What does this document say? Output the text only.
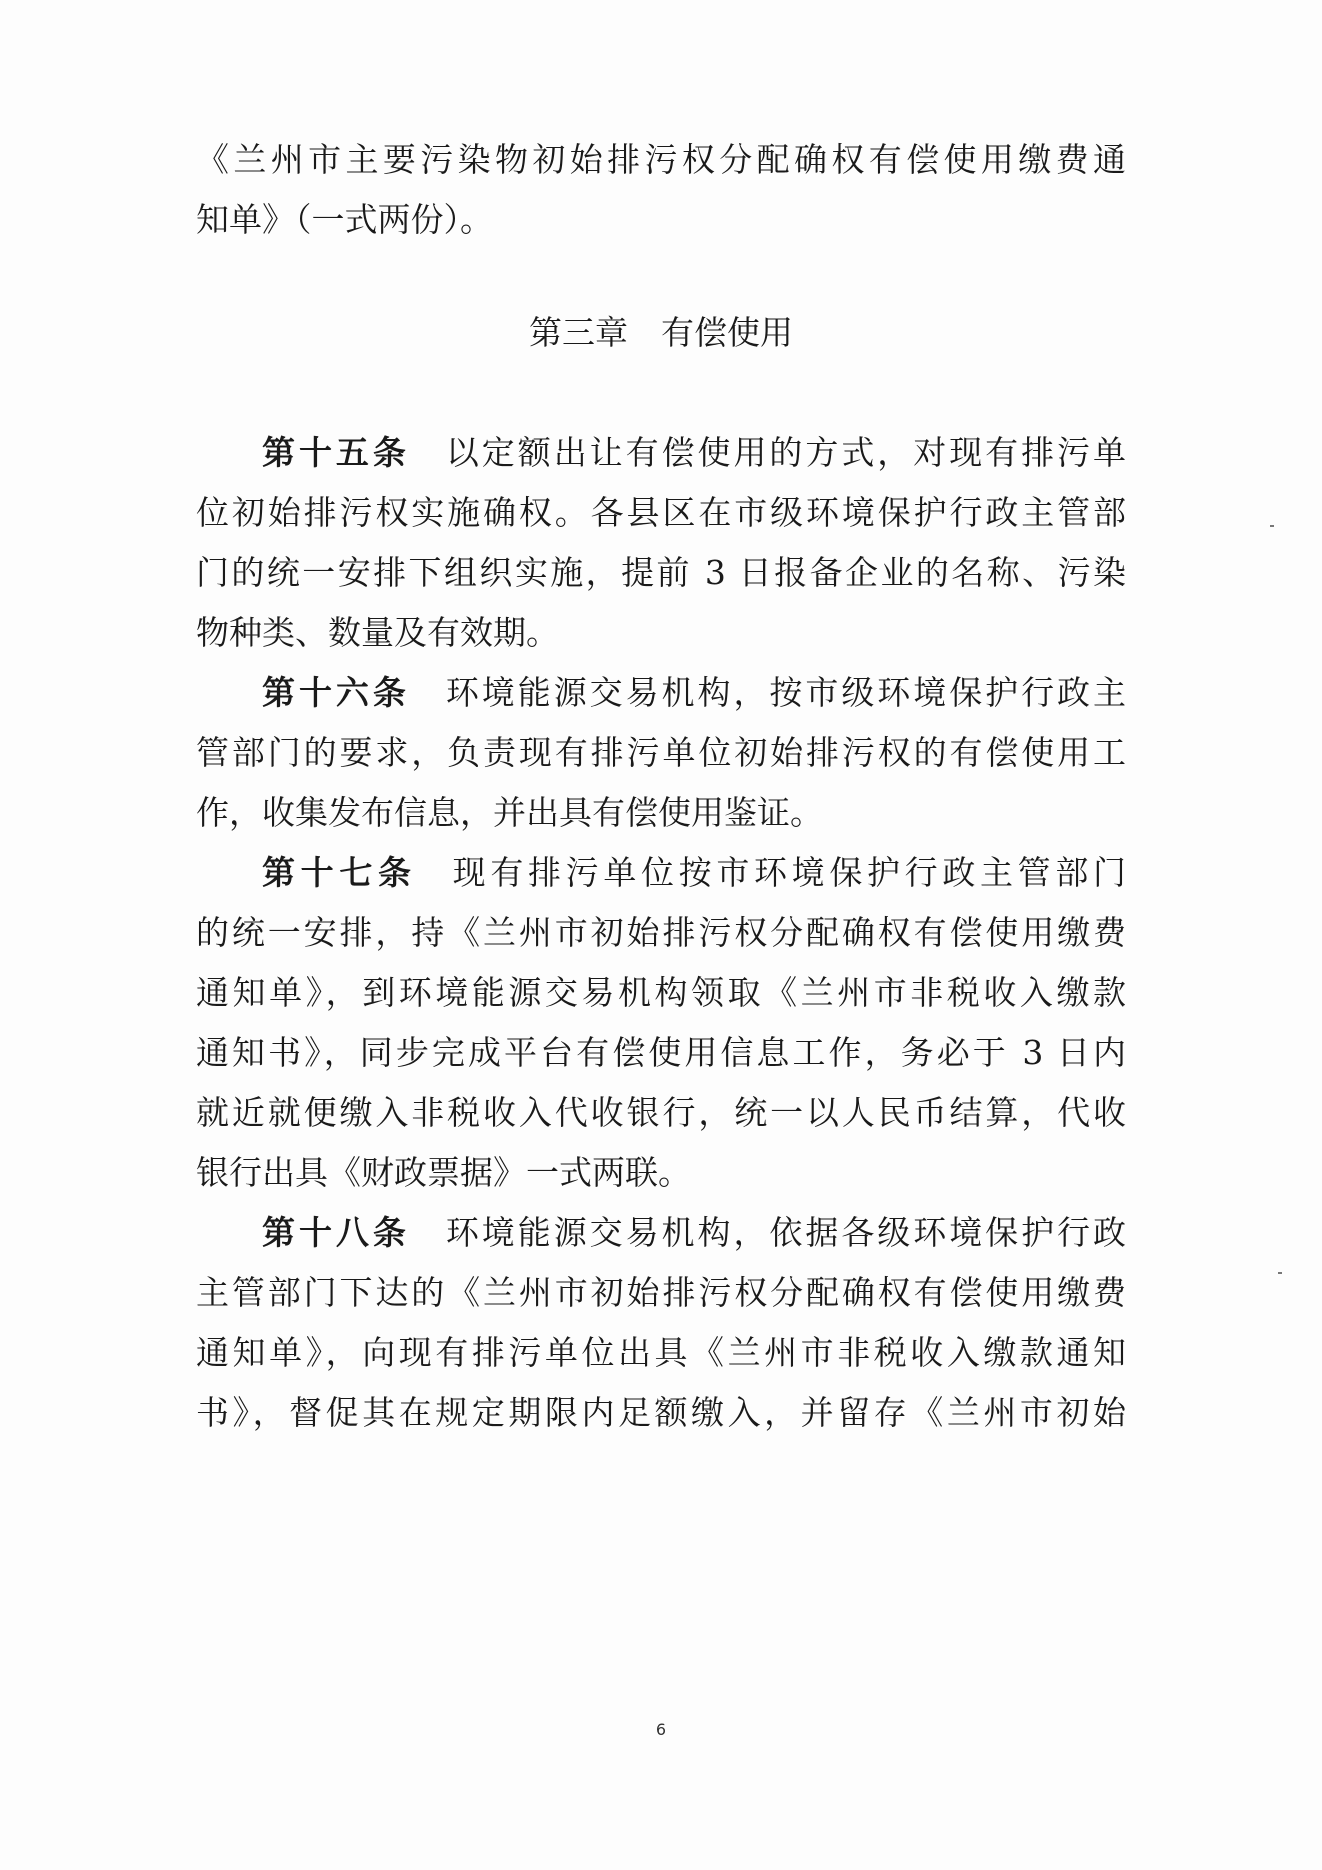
《兰州市主要污染物初始排污权分配确权有偿使用缴费通
知单》（一式两份）。
第三章　有偿使用
第十五条 以定额出让有偿使用的方式，对现有排污单
位初始排污权实施确权。各县区在市级环境保护行政主管部
门的统一安排下组织实施，提前 3 日报备企业的名称、污染
物种类、数量及有效期。
第十六条 环境能源交易机构，按市级环境保护行政主
管部门的要求，负责现有排污单位初始排污权的有偿使用工
作，收集发布信息，并出具有偿使用鉴证。
第十七条 现有排污单位按市环境保护行政主管部门
的统一安排，持《兰州市初始排污权分配确权有偿使用缴费
通知单》，到环境能源交易机构领取《兰州市非税收入缴款
通知书》，同步完成平台有偿使用信息工作，务必于 3 日内
就近就便缴入非税收入代收银行，统一以人民币结算，代收
银行出具《财政票据》一式两联。
第十八条 环境能源交易机构，依据各级环境保护行政
主管部门下达的《兰州市初始排污权分配确权有偿使用缴费
通知单》，向现有排污单位出具《兰州市非税收入缴款通知
书》，督促其在规定期限内足额缴入，并留存《兰州市初始
6
